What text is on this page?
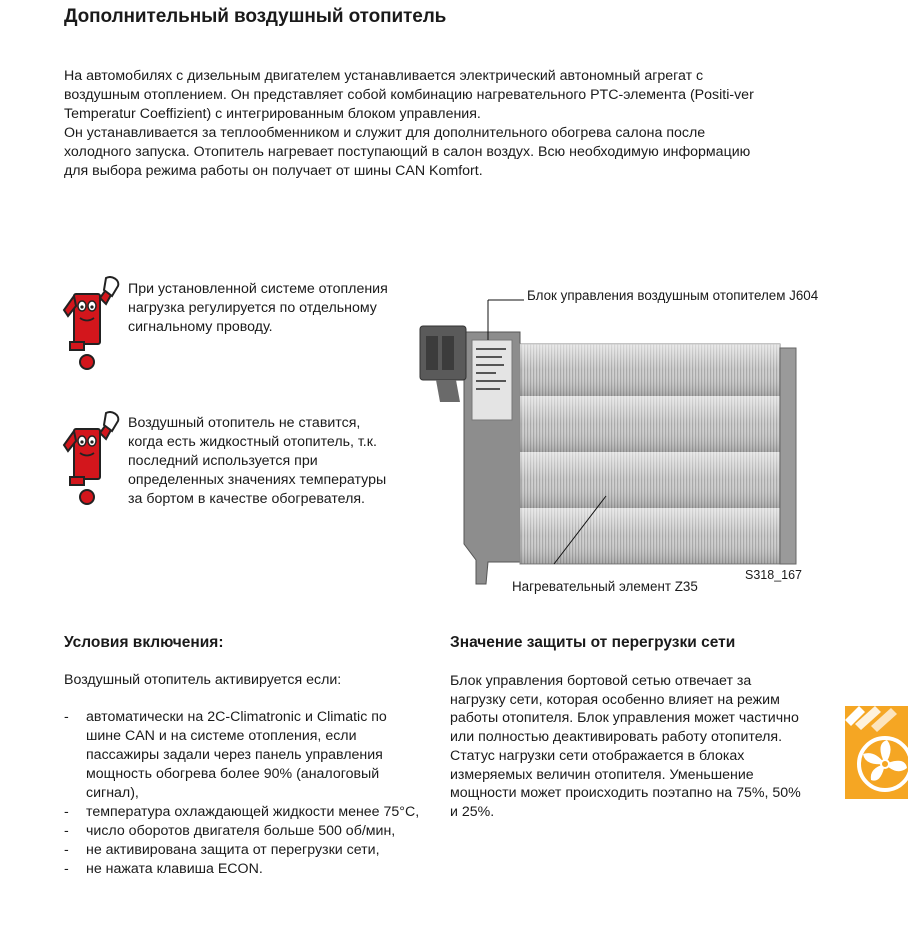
Дополнительный воздушный отопитель

На автомобилях с дизельным двигателем устанавливается электрический автономный агрегат с воздушным отоплением. Он представляет собой комбинацию нагревательного PTC-элемента (Positi-ver Temperatur Coeffizient) с интегрированным блоком управления.

Он устанавливается за теплообменником и служит для дополнительного обогрева салона после холодного запуска. Отопитель нагревает поступающий в салон воздух. Всю необходимую информацию для выбора режима работы он получает от шины CAN Komfort.

При установленной системе отопления нагрузка регулируется по отдельному сигнальному проводу.

Воздушный отопитель не ставится, когда есть жидкостный отопитель, т.к. последний используется при определенных значениях температуры за бортом в качестве обогревателя.

Блок управления воздушным отопителем J604
Нагревательный элемент Z35
S318_167
Условия включения:
Воздушный отопитель активируется если:
- автоматически на 2C-Climatronic и Climatic по шине CAN и на системе отопления, если пассажиры задали через панель управления мощность обогрева более 90% (аналоговый сигнал),
- температура охлаждающей жидкости менее 75°C,
- число оборотов двигателя больше 500 об/мин,
- не активирована защита от перегрузки сети,
- не нажата клавиша ECON.
Значение защиты от перегрузки сети

Блок управления бортовой сетью отвечает за нагрузку сети, которая особенно влияет на режим работы отопителя. Блок управления может частично или полностью деактивировать работу отопителя. Статус нагрузки сети отображается в блоках измеряемых величин отопителя. Уменьшение мощности может происходить поэтапно на 75%, 50% и 25%.
